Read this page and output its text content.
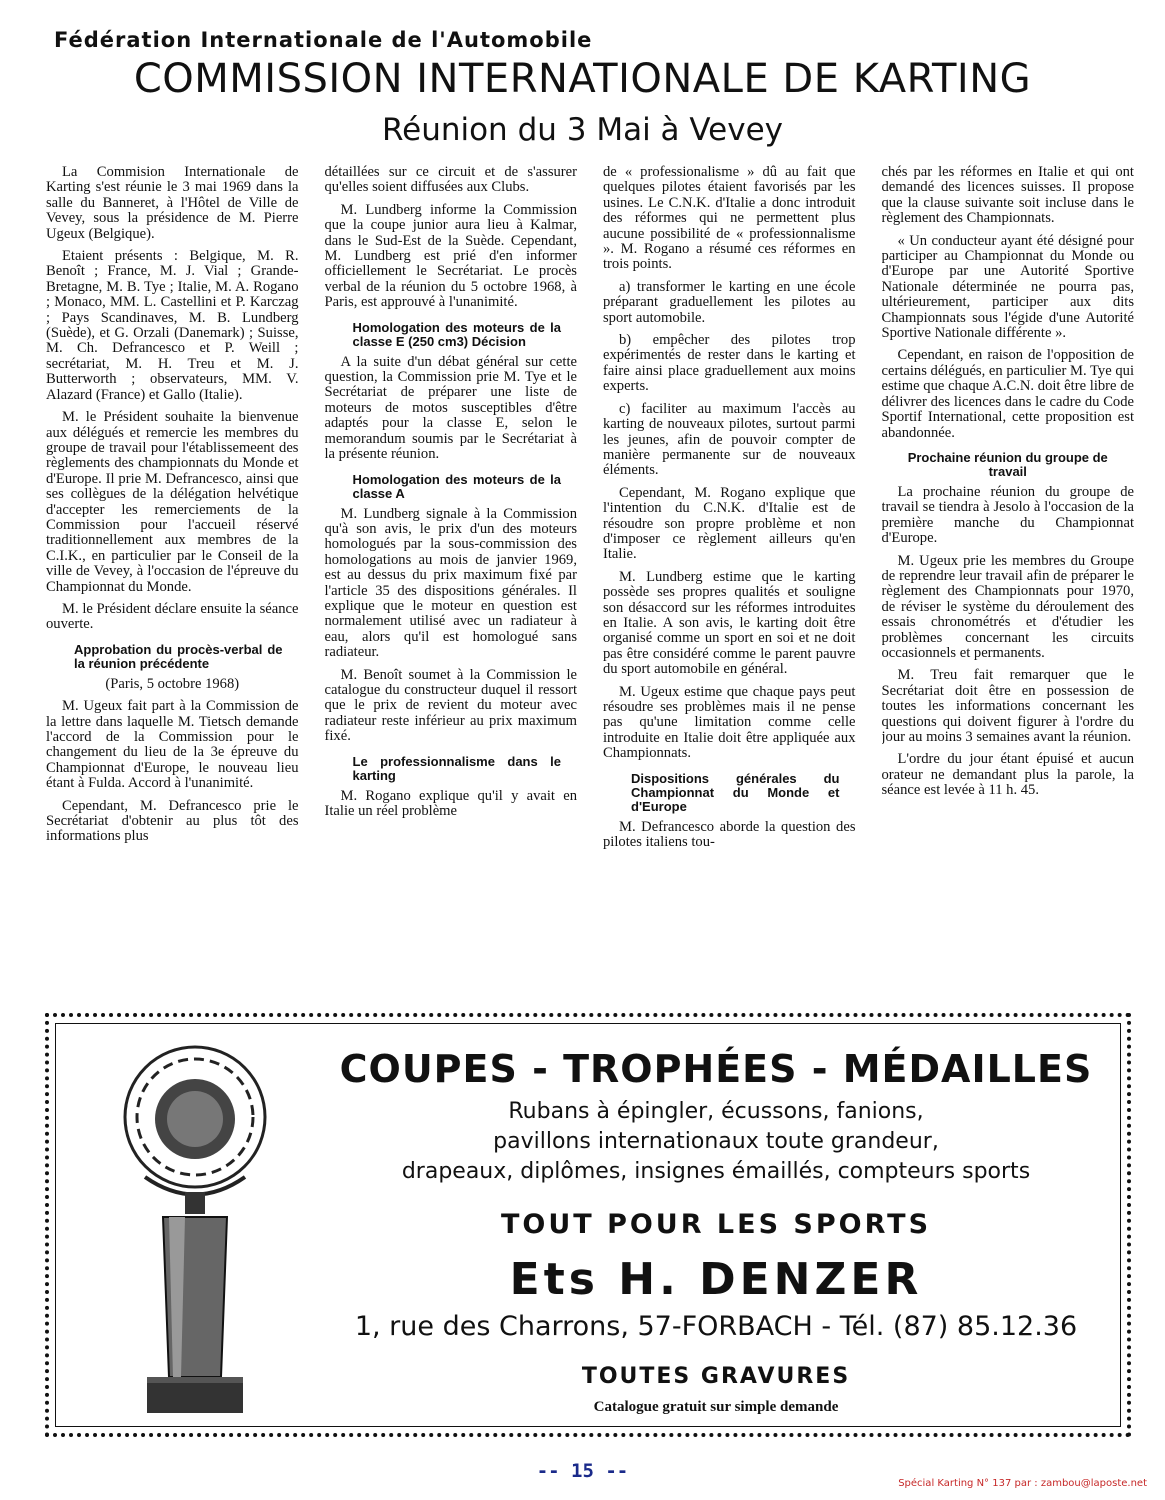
Fédération Internationale de l'Automobile
COMMISSION INTERNATIONALE DE KARTING
Réunion du 3 Mai à Vevey

La Commision Internationale de Karting s'est réunie le 3 mai 1969 dans la salle du Banneret, à l'Hôtel de Ville de Vevey, sous la présidence de M. Pierre Ugeux (Belgique).

Etaient présents : Belgique, M. R. Benoît ; France, M. J. Vial ; Grande-Bretagne, M. B. Tye ; Italie, M. A. Rogano ; Monaco, MM. L. Castellini et P. Karczag ; Pays Scandinaves, M. B. Lundberg (Suède), et G. Orzali (Danemark) ; Suisse, M. Ch. Defrancesco et P. Weill ; secrétariat, M. H. Treu et M. J. Butterworth ; observateurs, MM. V. Alazard (France) et Gallo (Italie).

M. le Président souhaite la bienvenue aux délégués et remercie les membres du groupe de travail pour l'établissemeent des règlements des championnats du Monde et d'Europe. Il prie M. Defrancesco, ainsi que ses collègues de la délégation helvétique d'accepter les remerciements de la Commission pour l'accueil réservé traditionnellement aux membres de la C.I.K., en particulier par le Conseil de la ville de Vevey, à l'occasion de l'épreuve du Championnat du Monde.

M. le Président déclare ensuite la séance ouverte.

Approbation du procès-verbal de la réunion précédente

(Paris, 5 octobre 1968)

M. Ugeux fait part à la Commission de la lettre dans laquelle M. Tietsch demande l'accord de la Commission pour le changement du lieu de la 3e épreuve du Championnat d'Europe, le nouveau lieu étant à Fulda. Accord à l'unanimité.

Cependant, M. Defrancesco prie le Secrétariat d'obtenir au plus tôt des informations plus

détaillées sur ce circuit et de s'assurer qu'elles soient diffusées aux Clubs.

M. Lundberg informe la Commission que la coupe junior aura lieu à Kalmar, dans le Sud-Est de la Suède. Cependant, M. Lundberg est prié d'en informer officiellement le Secrétariat. Le procès verbal de la réunion du 5 octobre 1968, à Paris, est approuvé à l'unanimité.

Homologation des moteurs de la classe E (250 cm3) Décision

A la suite d'un débat général sur cette question, la Commission prie M. Tye et le Secrétariat de préparer une liste de moteurs de motos susceptibles d'être adaptés pour la classe E, selon le memorandum soumis par le Secrétariat à la présente réunion.

Homologation des moteurs de la classe A

M. Lundberg signale à la Commission qu'à son avis, le prix d'un des moteurs homologués par la sous-commission des homologations au mois de janvier 1969, est au dessus du prix maximum fixé par l'article 35 des dispositions générales. Il explique que le moteur en question est normalement utilisé avec un radiateur à eau, alors qu'il est homologué sans radiateur.

M. Benoît soumet à la Commission le catalogue du constructeur duquel il ressort que le prix de revient du moteur avec radiateur reste inférieur au prix maximum fixé.

Le professionnalisme dans le karting

M. Rogano explique qu'il y avait en Italie un réel problème

de « professionalisme » dû au fait que quelques pilotes étaient favorisés par les usines. Le C.N.K. d'Italie a donc introduit des réformes qui ne permettent plus aucune possibilité de « professionnalisme ». M. Rogano a résumé ces réformes en trois points.

a) transformer le karting en une école préparant graduellement les pilotes au sport automobile.

b) empêcher des pilotes trop expérimentés de rester dans le karting et faire ainsi place graduellement aux moins experts.

c) faciliter au maximum l'accès au karting de nouveaux pilotes, surtout parmi les jeunes, afin de pouvoir compter de manière permanente sur de nouveaux éléments.

Cependant, M. Rogano explique que l'intention du C.N.K. d'Italie est de résoudre son propre problème et non d'imposer ce règlement ailleurs qu'en Italie.

M. Lundberg estime que le karting possède ses propres qualités et souligne son désaccord sur les réformes introduites en Italie. A son avis, le karting doit être organisé comme un sport en soi et ne doit pas être considéré comme le parent pauvre du sport automobile en général.

M. Ugeux estime que chaque pays peut résoudre ses problèmes mais il ne pense pas qu'une limitation comme celle introduite en Italie doit être appliquée aux Championnats.

Dispositions générales du Championnat du Monde et d'Europe

M. Defrancesco aborde la question des pilotes italiens tou-

chés par les réformes en Italie et qui ont demandé des licences suisses. Il propose que la clause suivante soit incluse dans le règlement des Championnats.

« Un conducteur ayant été désigné pour participer au Championnat du Monde ou d'Europe par une Autorité Sportive Nationale déterminée ne pourra pas, ultérieurement, participer aux dits Championnats sous l'égide d'une Autorité Sportive Nationale différente ».

Cependant, en raison de l'opposition de certains délégués, en particulier M. Tye qui estime que chaque A.C.N. doit être libre de délivrer des licences dans le cadre du Code Sportif International, cette proposition est abandonnée.

Prochaine réunion du groupe de travail

La prochaine réunion du groupe de travail se tiendra à Jesolo à l'occasion de la première manche du Championnat d'Europe.

M. Ugeux prie les membres du Groupe de reprendre leur travail afin de préparer le règlement des Championnats pour 1970, de réviser le système du déroulement des essais chronométrés et d'étudier les problèmes concernant les circuits occasionnels et permanents.

M. Treu fait remarquer que le Secrétariat doit être en possession de toutes les informations concernant les questions qui doivent figurer à l'ordre du jour au moins 3 semaines avant la réunion.

L'ordre du jour étant épuisé et aucun orateur ne demandant plus la parole, la séance est levée à 11 h. 45.

COUPES - TROPHÉES - MÉDAILLES
Rubans à épingler, écussons, fanions,
pavillons internationaux toute grandeur,
drapeaux, diplômes, insignes émaillés, compteurs sports
TOUT POUR LES SPORTS
Ets H. DENZER
1, rue des Charrons, 57-FORBACH - Tél. (87) 85.12.36
TOUTES GRAVURES
Catalogue gratuit sur simple demande
-- 15 --
Spécial Karting N° 137 par : zambou@laposte.net
